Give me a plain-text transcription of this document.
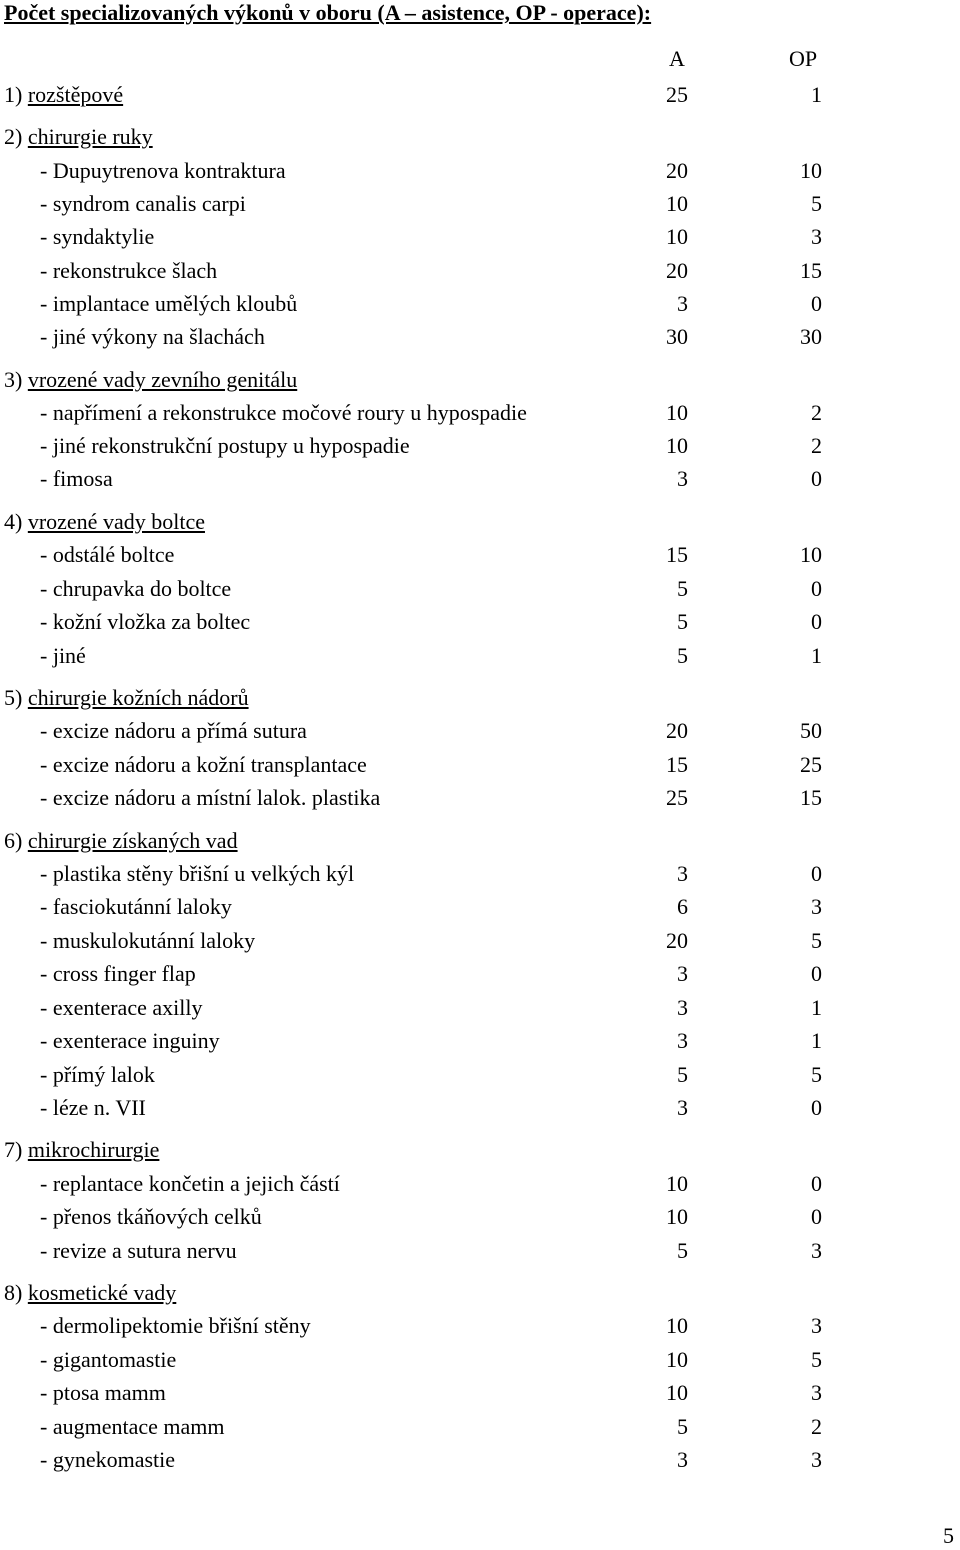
Počet specializovaných výkonů v oboru (A – asistence, OP - operace):
A	OP
1) rozštěpové	25	1
2) chirurgie ruky
- Dupuytrenova kontraktura	20	10
- syndrom canalis carpi	10	5
- syndaktylie	10	3
- rekonstrukce šlach	20	15
- implantace umělých kloubů	3	0
- jiné výkony na šlachách	30	30
3) vrozené vady zevního genitálu
- napřímení a rekonstrukce močové roury u hypospadie	10	2
- jiné rekonstrukční postupy u hypospadie	10	2
- fimosa	3	0
4) vrozené vady boltce
- odstálé boltce	15	10
- chrupavka do boltce	5	0
- kožní vložka za boltec	5	0
- jiné	5	1
5) chirurgie kožních nádorů
- excize nádoru a přímá sutura	20	50
- excize nádoru a kožní transplantace	15	25
- excize nádoru a místní lalok. plastika	25	15
6) chirurgie získaných vad
- plastika stěny břišní u velkých kýl	3	0
- fasciokutánní laloky	6	3
- muskulokutánní laloky	20	5
- cross finger flap	3	0
- exenterace axilly	3	1
- exenterace inguiny	3	1
- přímý lalok	5	5
- léze n. VII	3	0
7) mikrochirurgie
- replantace končetin a jejich částí	10	0
- přenos tkáňových celků	10	0
- revize a sutura nervu	5	3
8) kosmetické vady
- dermolipektomie břišní stěny	10	3
- gigantomastie	10	5
- ptosa mamm	10	3
- augmentace mamm	5	2
- gynekomastie	3	3
5
